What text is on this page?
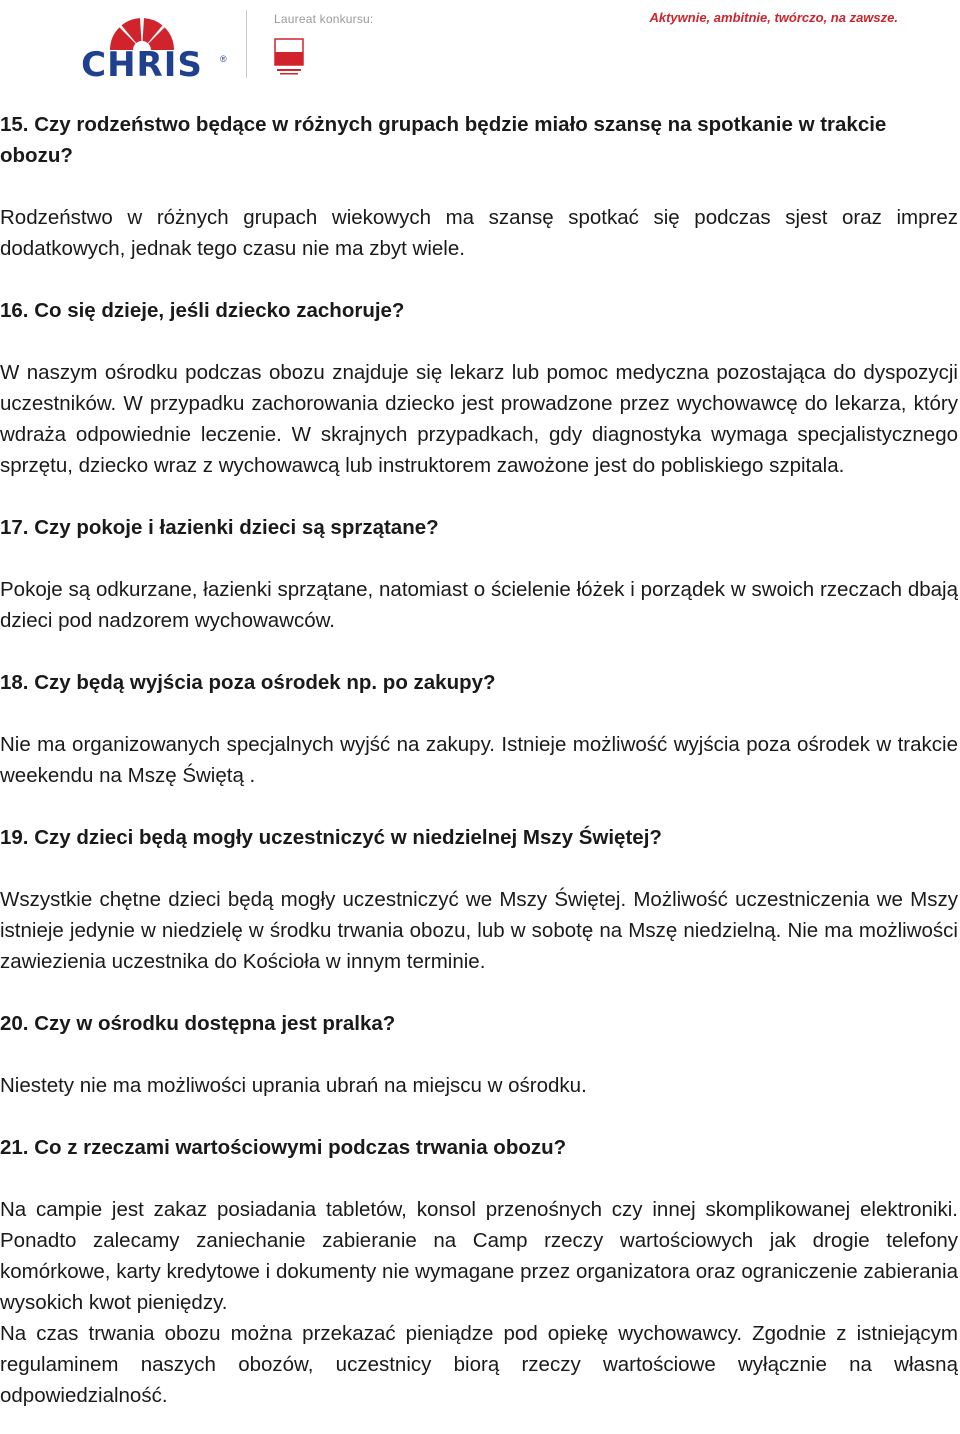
CHRIS	®
Laureat konkursu:	Aktywnie, ambitnie, twórczo, na zawsze.

15. Czy rodzeństwo będące w różnych grupach będzie miało szansę na spotkanie w trakcie obozu?

Rodzeństwo w różnych grupach wiekowych ma szansę spotkać się podczas sjest oraz imprez dodatkowych, jednak tego czasu nie ma zbyt wiele.

16. Co się dzieje, jeśli dziecko zachoruje?

W naszym ośrodku podczas obozu znajduje się lekarz lub pomoc medyczna pozostająca do dyspozycji uczestników. W przypadku zachorowania dziecko jest prowadzone przez wychowawcę do lekarza, który wdraża odpowiednie leczenie. W skrajnych przypadkach, gdy diagnostyka wymaga specjalistycznego sprzętu, dziecko wraz z wychowawcą lub instruktorem zawożone jest do pobliskiego szpitala.

17. Czy pokoje i łazienki dzieci są sprzątane?

Pokoje są odkurzane, łazienki sprzątane, natomiast o ścielenie łóżek i porządek w swoich rzeczach dbają dzieci pod nadzorem wychowawców.

18. Czy będą wyjścia poza ośrodek np. po zakupy?

Nie ma organizowanych specjalnych wyjść na zakupy. Istnieje możliwość wyjścia poza ośrodek w trakcie weekendu na Mszę Świętą .

19. Czy dzieci będą mogły uczestniczyć w niedzielnej Mszy Świętej?

Wszystkie chętne dzieci będą mogły uczestniczyć we Mszy Świętej. Możliwość uczestniczenia we Mszy istnieje jedynie w niedzielę w środku trwania obozu, lub w sobotę na Mszę niedzielną. Nie ma możliwości zawiezienia uczestnika do Kościoła w innym terminie.

20. Czy w ośrodku dostępna jest pralka?

Niestety nie ma możliwości uprania ubrań na miejscu w ośrodku.

21. Co z rzeczami wartościowymi podczas trwania obozu?

Na campie jest zakaz posiadania tabletów, konsol przenośnych czy innej skomplikowanej elektroniki. Ponadto zalecamy zaniechanie zabieranie na Camp rzeczy wartościowych jak drogie telefony komórkowe, karty kredytowe i dokumenty nie wymagane przez organizatora oraz ograniczenie zabierania wysokich kwot pieniędzy.

Na czas trwania obozu można przekazać pieniądze pod opiekę wychowawcy. Zgodnie z istniejącym regulaminem naszych obozów, uczestnicy biorą rzeczy wartościowe wyłącznie na własną odpowiedzialność.
